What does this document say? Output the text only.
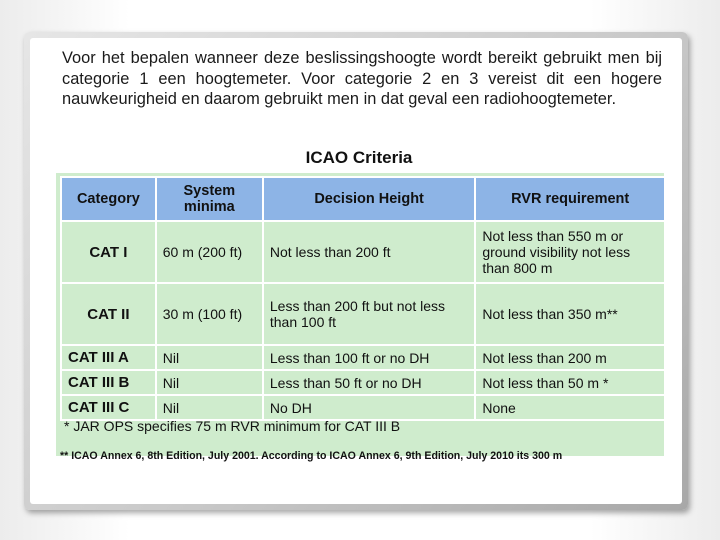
Voor het bepalen wanneer deze beslissingshoogte wordt bereikt gebruikt men bij categorie 1 een hoogtemeter. Voor categorie 2 en 3 vereist dit een hogere nauwkeurigheid en daarom gebruikt men in dat geval een radiohoogtemeter.

ICAO Criteria
Category	System minima	Decision Height	RVR requirement
CAT I	60 m (200 ft)	Not less than 200 ft	Not less than 550 m or ground visibility not less than 800 m
CAT II	30 m (100 ft)	Less than 200 ft but not less than 100 ft	Not less than 350 m**
CAT III A	Nil	Less than 100 ft or no DH	Not less than 200 m
CAT III B	Nil	Less than 50 ft or no DH	Not less than 50 m *
CAT III C	Nil	No DH	None
* JAR OPS specifies 75 m RVR minimum for CAT III B
** ICAO Annex 6, 8th Edition, July 2001. According to ICAO Annex 6, 9th Edition, July 2010 its 300 m
